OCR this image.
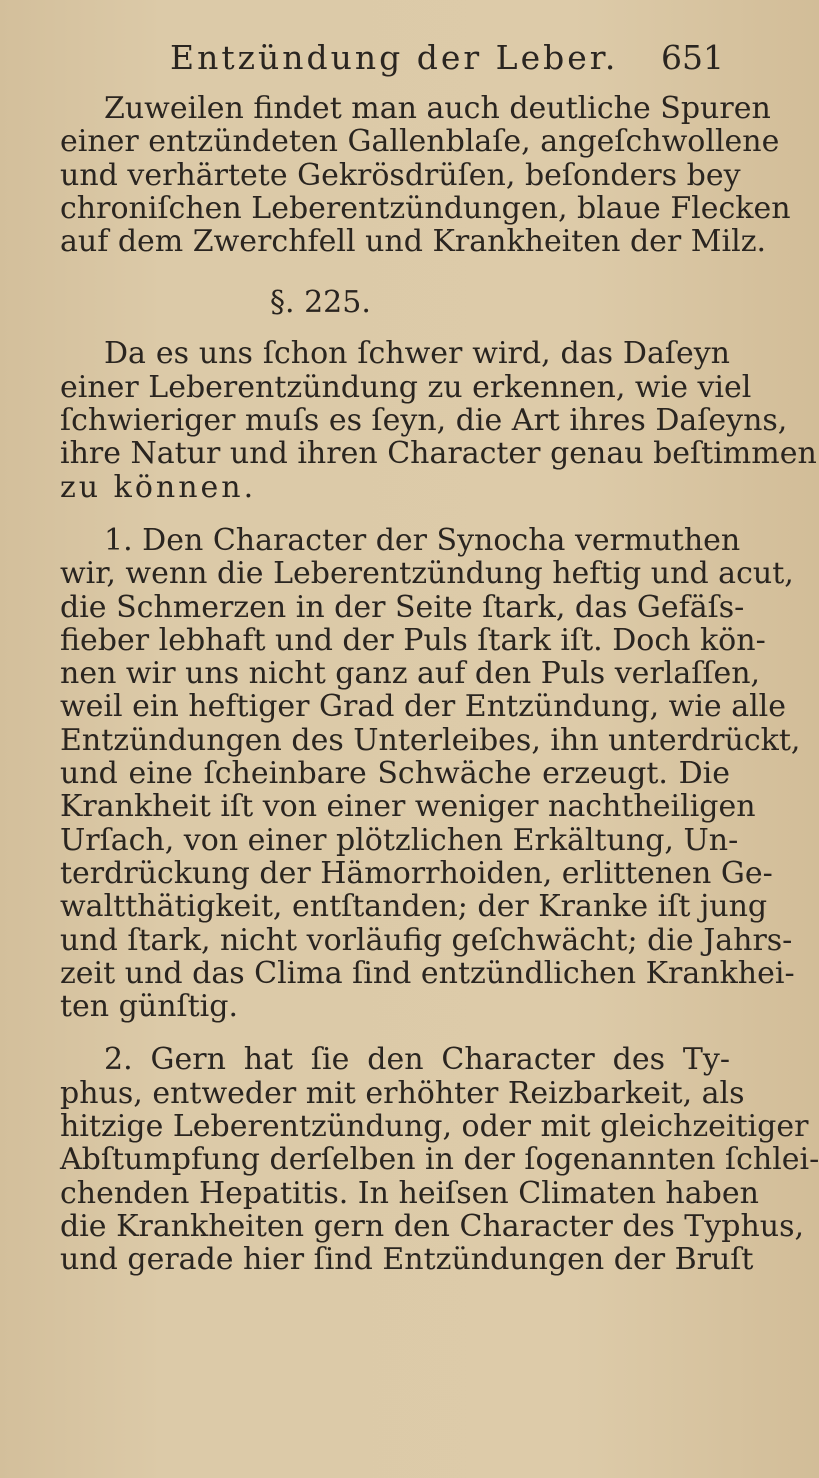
Entzündung der Leber. 651
Zuweilen findet man auch deutliche Spuren
einer entzündeten Gallenblaſe, angeſchwollene
und verhärtete Gekrösdrüſen, beſonders bey
chroniſchen Leberentzündungen, blaue Flecken
auf dem Zwerchfell und Krankheiten der Milz.
§. 225.
Da es uns ſchon ſchwer wird, das Daſeyn
einer Leberentzündung zu erkennen, wie viel
ſchwieriger muſs es ſeyn, die Art ihres Daſeyns,
ihre Natur und ihren Character genau beſtimmen
zu können.
1. Den Character der Synocha vermuthen
wir, wenn die Leberentzündung heftig und acut,
die Schmerzen in der Seite ſtark, das Gefäſs-
fieber lebhaft und der Puls ſtark iſt. Doch kön-
nen wir uns nicht ganz auf den Puls verlaſſen,
weil ein heftiger Grad der Entzündung, wie alle
Entzündungen des Unterleibes, ihn unterdrückt,
und eine ſcheinbare Schwäche erzeugt. Die
Krankheit iſt von einer weniger nachtheiligen
Urſach, von einer plötzlichen Erkältung, Un-
terdrückung der Hämorrhoiden, erlittenen Ge-
waltthätigkeit, entſtanden; der Kranke iſt jung
und ſtark, nicht vorläufig geſchwächt; die Jahrs-
zeit und das Clima ſind entzündlichen Krankhei-
ten günſtig.
2. Gern hat ſie den Character des Ty-
phus, entweder mit erhöhter Reizbarkeit, als
hitzige Leberentzündung, oder mit gleichzeitiger
Abſtumpfung derſelben in der ſogenannten ſchlei-
chenden Hepatitis. In heiſsen Climaten haben
die Krankheiten gern den Character des Typhus,
und gerade hier ſind Entzündungen der Bruſt
